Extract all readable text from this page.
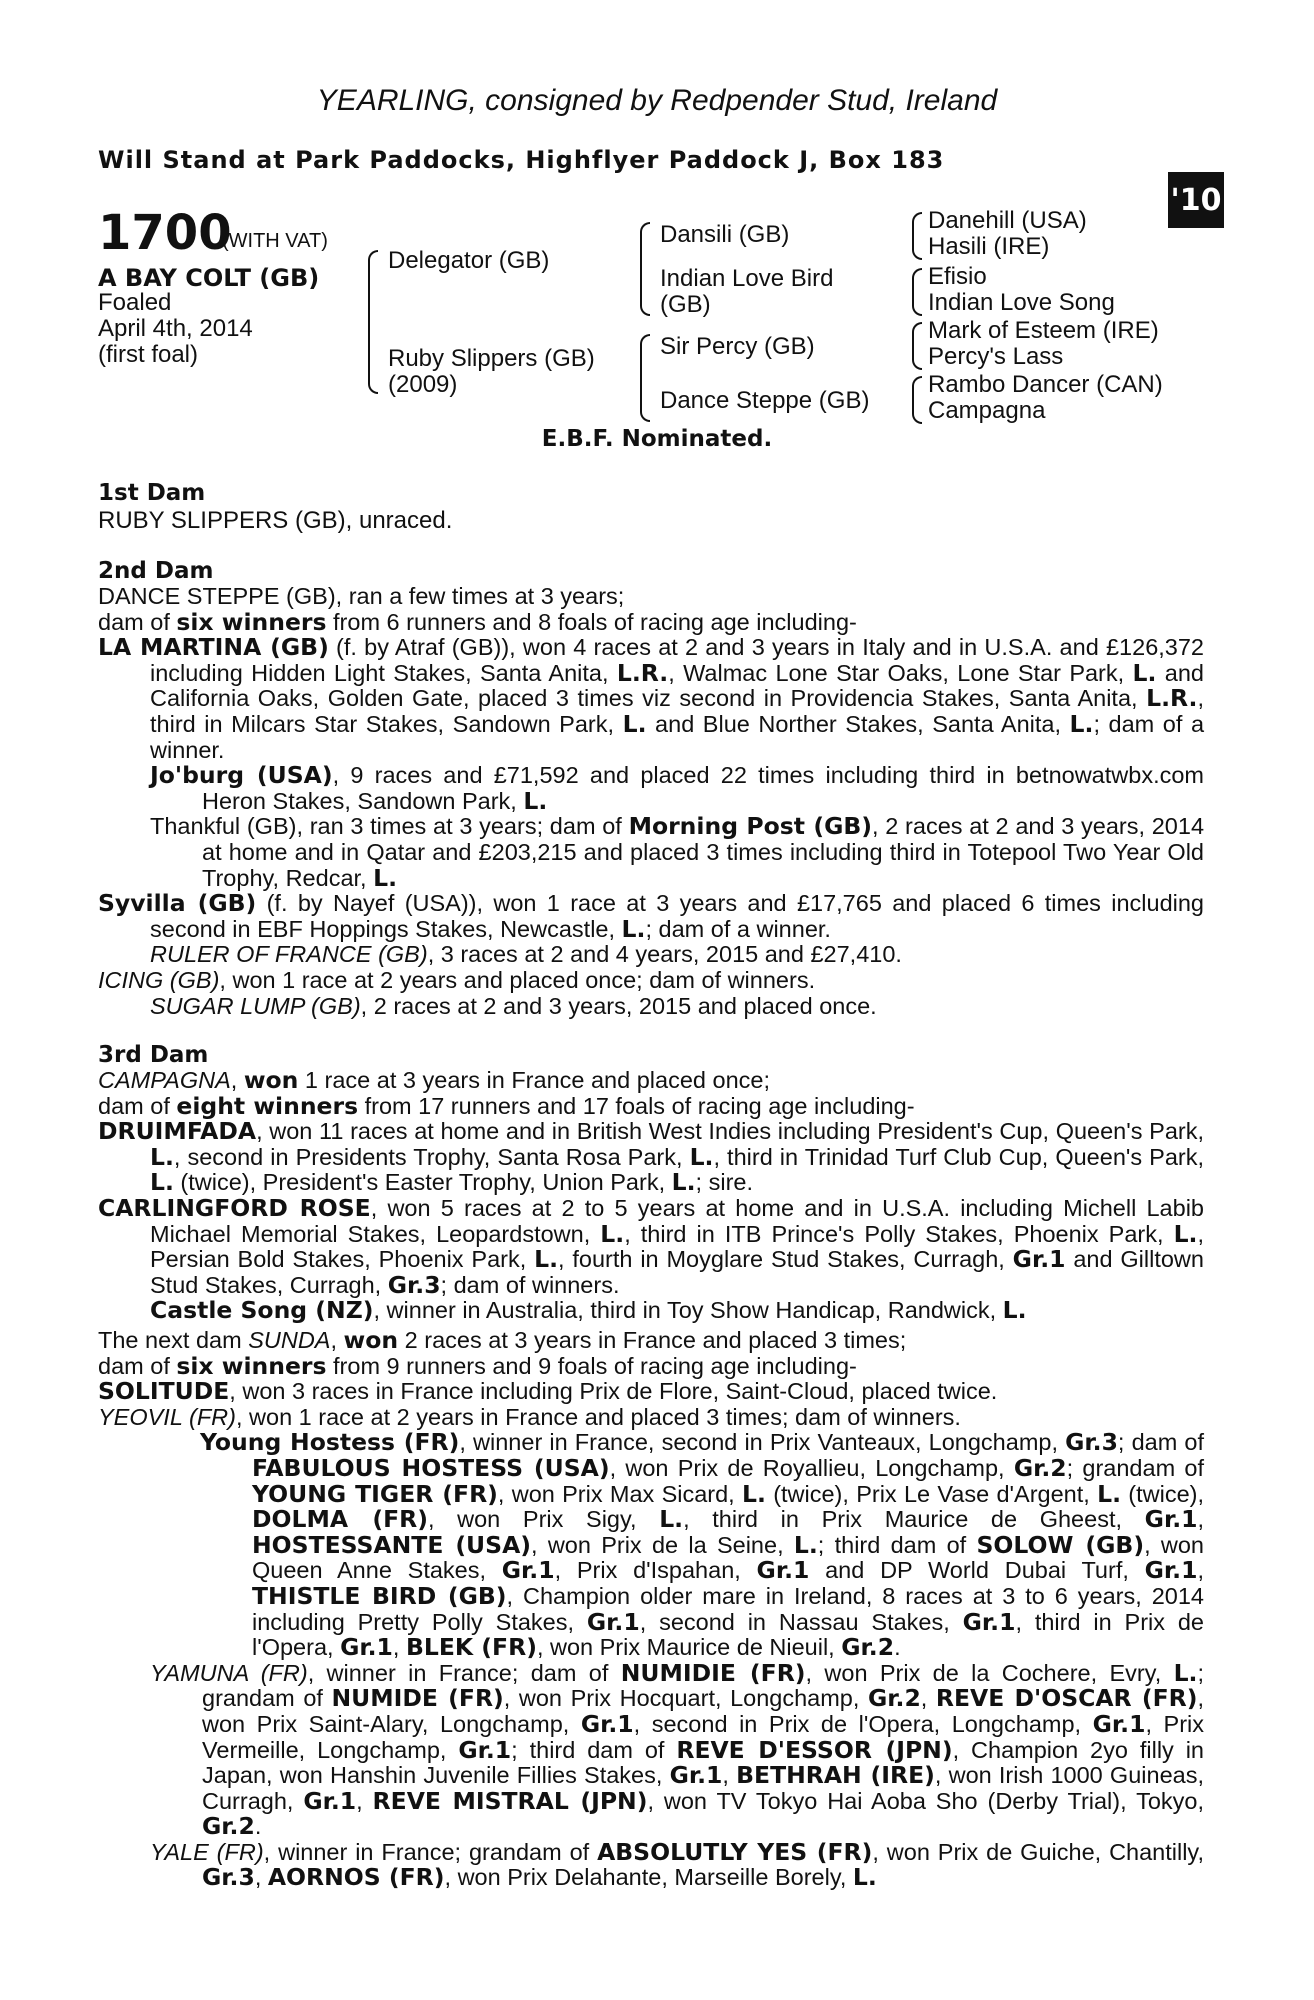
YEARLING, consigned by Redpender Stud, Ireland
Will Stand at Park Paddocks, Highflyer Paddock J, Box 183
'10
1700
(WITH VAT)
A BAY COLT (GB)
Foaled
April 4th, 2014
(first foal)
Delegator (GB)
Ruby Slippers (GB)
(2009)
Dansili (GB)
Indian Love Bird
(GB)
Sir Percy (GB)
Dance Steppe (GB)
Danehill (USA)
Hasili (IRE)
Efisio
Indian Love Song
Mark of Esteem (IRE)
Percy's Lass
Rambo Dancer (CAN)
Campagna
E.B.F. Nominated.
1st Dam
RUBY SLIPPERS (GB), unraced.
2nd Dam

DANCE STEPPE (GB), ran a few times at 3 years;
dam of six winners from 6 runners and 8 foals of racing age including-

LA MARTINA (GB) (f. by Atraf (GB)), won 4 races at 2 and 3 years in Italy and in U.S.A. and £126,372 including Hidden Light Stakes, Santa Anita, L.R., Walmac Lone Star Oaks, Lone Star Park, L. and California Oaks, Golden Gate, placed 3 times viz second in Providencia Stakes, Santa Anita, L.R., third in Milcars Star Stakes, Sandown Park, L. and Blue Norther Stakes, Santa Anita, L.; dam of a winner.

Jo'burg (USA), 9 races and £71,592 and placed 22 times including third in betnowatwbx.com Heron Stakes, Sandown Park, L.

Thankful (GB), ran 3 times at 3 years; dam of Morning Post (GB), 2 races at 2 and 3 years, 2014 at home and in Qatar and £203,215 and placed 3 times including third in Totepool Two Year Old Trophy, Redcar, L.

Syvilla (GB) (f. by Nayef (USA)), won 1 race at 3 years and £17,765 and placed 6 times including second in EBF Hoppings Stakes, Newcastle, L.; dam of a winner.

RULER OF FRANCE (GB), 3 races at 2 and 4 years, 2015 and £27,410.

ICING (GB), won 1 race at 2 years and placed once; dam of winners.

SUGAR LUMP (GB), 2 races at 2 and 3 years, 2015 and placed once.

3rd Dam

CAMPAGNA, won 1 race at 3 years in France and placed once;
dam of eight winners from 17 runners and 17 foals of racing age including-

DRUIMFADA, won 11 races at home and in British West Indies including President's Cup, Queen's Park, L., second in Presidents Trophy, Santa Rosa Park, L., third in Trinidad Turf Club Cup, Queen's Park, L. (twice), President's Easter Trophy, Union Park, L.; sire.

CARLINGFORD ROSE, won 5 races at 2 to 5 years at home and in U.S.A. including Michell Labib Michael Memorial Stakes, Leopardstown, L., third in ITB Prince's Polly Stakes, Phoenix Park, L., Persian Bold Stakes, Phoenix Park, L., fourth in Moyglare Stud Stakes, Curragh, Gr.1 and Gilltown Stud Stakes, Curragh, Gr.3; dam of winners.

Castle Song (NZ), winner in Australia, third in Toy Show Handicap, Randwick, L.

The next dam SUNDA, won 2 races at 3 years in France and placed 3 times;
dam of six winners from 9 runners and 9 foals of racing age including-

SOLITUDE, won 3 races in France including Prix de Flore, Saint-Cloud, placed twice.

YEOVIL (FR), won 1 race at 2 years in France and placed 3 times; dam of winners.

Young Hostess (FR), winner in France, second in Prix Vanteaux, Longchamp, Gr.3; dam of FABULOUS HOSTESS (USA), won Prix de Royallieu, Longchamp, Gr.2; grandam of YOUNG TIGER (FR), won Prix Max Sicard, L. (twice), Prix Le Vase d'Argent, L. (twice), DOLMA (FR), won Prix Sigy, L., third in Prix Maurice de Gheest, Gr.1, HOSTESSANTE (USA), won Prix de la Seine, L.; third dam of SOLOW (GB), won Queen Anne Stakes, Gr.1, Prix d'Ispahan, Gr.1 and DP World Dubai Turf, Gr.1, THISTLE BIRD (GB), Champion older mare in Ireland, 8 races at 3 to 6 years, 2014 including Pretty Polly Stakes, Gr.1, second in Nassau Stakes, Gr.1, third in Prix de l'Opera, Gr.1, BLEK (FR), won Prix Maurice de Nieuil, Gr.2.

YAMUNA (FR), winner in France; dam of NUMIDIE (FR), won Prix de la Cochere, Evry, L.; grandam of NUMIDE (FR), won Prix Hocquart, Longchamp, Gr.2, REVE D'OSCAR (FR), won Prix Saint-Alary, Longchamp, Gr.1, second in Prix de l'Opera, Longchamp, Gr.1, Prix Vermeille, Longchamp, Gr.1; third dam of REVE D'ESSOR (JPN), Champion 2yo filly in Japan, won Hanshin Juvenile Fillies Stakes, Gr.1, BETHRAH (IRE), won Irish 1000 Guineas, Curragh, Gr.1, REVE MISTRAL (JPN), won TV Tokyo Hai Aoba Sho (Derby Trial), Tokyo, Gr.2.

YALE (FR), winner in France; grandam of ABSOLUTLY YES (FR), won Prix de Guiche, Chantilly, Gr.3, AORNOS (FR), won Prix Delahante, Marseille Borely, L.
